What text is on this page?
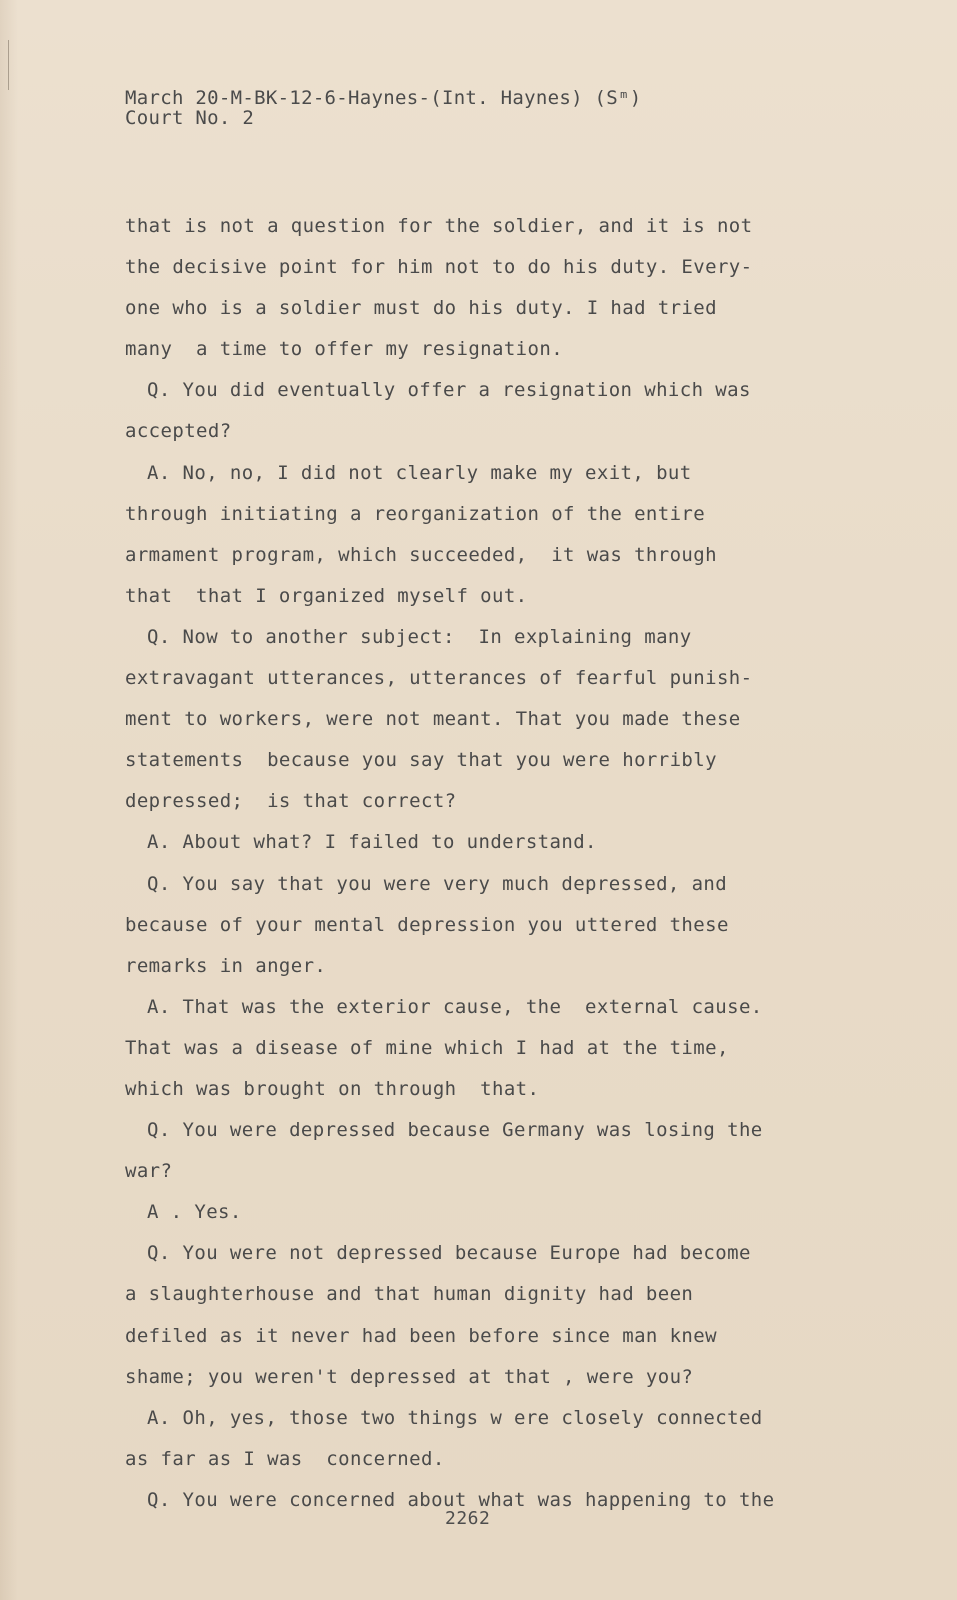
March 20-M-BK-12-6-Haynes-(Int. Haynes) (Sᵐ)
Court No. 2
that is not a question for the soldier, and it is not
the decisive point for him not to do his duty. Every-
one who is a soldier must do his duty. I had tried
many  a time to offer my resignation.
Q. You did eventually offer a resignation which was
accepted?
A. No, no, I did not clearly make my exit, but
through initiating a reorganization of the entire
armament program, which succeeded,  it was through
that  that I organized myself out.
Q. Now to another subject:  In explaining many
extravagant utterances, utterances of fearful punish-
ment to workers, were not meant. That you made these
statements  because you say that you were horribly
depressed;  is that correct?
A. About what? I failed to understand.
Q. You say that you were very much depressed, and
because of your mental depression you uttered these
remarks in anger.
A. That was the exterior cause, the  external cause.
That was a disease of mine which I had at the time,
which was brought on through  that.
Q. You were depressed because Germany was losing the
war?
A . Yes.
Q. You were not depressed because Europe had become
a slaughterhouse and that human dignity had been
defiled as it never had been before since man knew
shame; you weren't depressed at that , were you?
A. Oh, yes, those two things w ere closely connected
as far as I was  concerned.
Q. You were concerned about what was happening to the
2262
